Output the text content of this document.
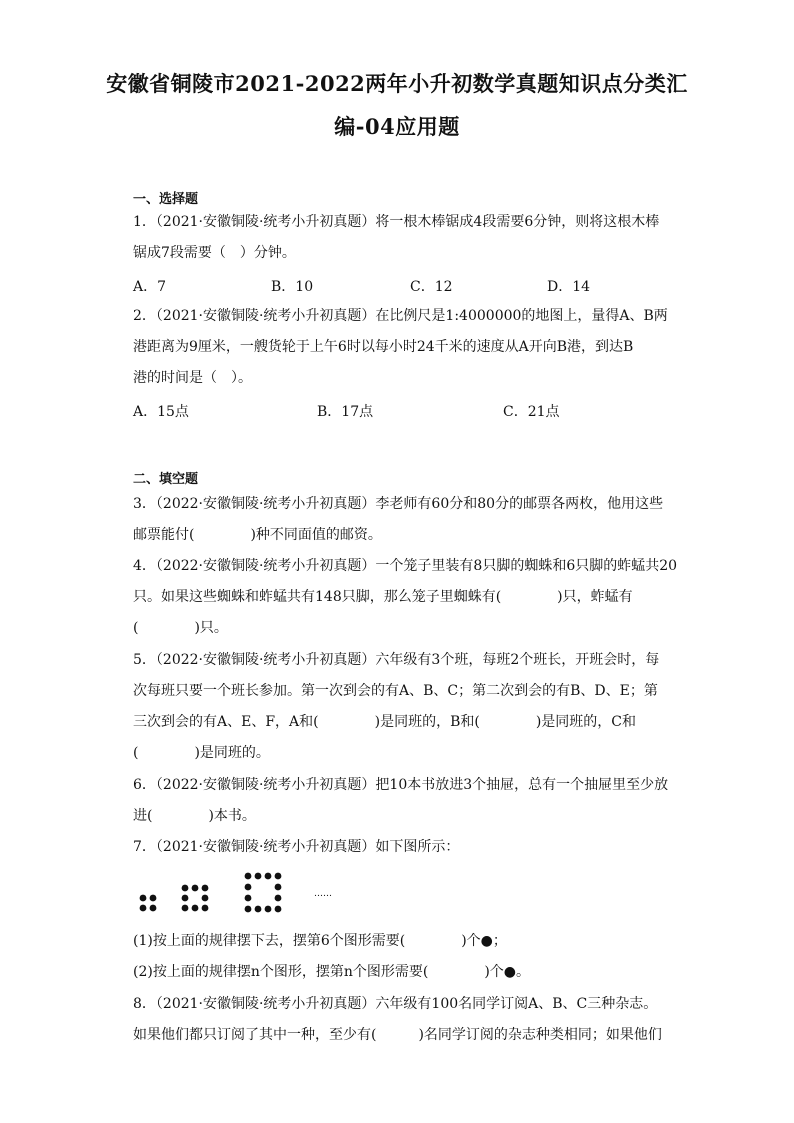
安徽省铜陵市2021-2022两年小升初数学真题知识点分类汇
编-04应用题
一、选择题
1．（2021·安徽铜陵·统考小升初真题）将一根木棒锯成4段需要6分钟，则将这根木棒
锯成7段需要（　）分钟。
A．7	B．10	C．12	D．14
2．（2021·安徽铜陵·统考小升初真题）在比例尺是1:4000000的地图上，量得A、B两
港距离为9厘米，一艘货轮于上午6时以每小时24千米的速度从A开向B港，到达B
港的时间是（　）。
A．15点	B．17点	C．21点
二、填空题
3．（2022·安徽铜陵·统考小升初真题）李老师有60分和80分的邮票各两枚，他用这些
邮票能付(　　　　)种不同面值的邮资。
4．（2022·安徽铜陵·统考小升初真题）一个笼子里装有8只脚的蜘蛛和6只脚的蚱蜢共20
只。如果这些蜘蛛和蚱蜢共有148只脚，那么笼子里蜘蛛有(　　　　)只，蚱蜢有
(　　　　)只。
5．（2022·安徽铜陵·统考小升初真题）六年级有3个班，每班2个班长，开班会时，每
次每班只要一个班长参加。第一次到会的有A、B、C；第二次到会的有B、D、E；第
三次到会的有A、E、F，A和(　　　　)是同班的，B和(　　　　)是同班的，C和
(　　　　)是同班的。
6．（2022·安徽铜陵·统考小升初真题）把10本书放进3个抽屉，总有一个抽屉里至少放
进(　　　　)本书。
7．（2021·安徽铜陵·统考小升初真题）如下图所示：
……
(1)按上面的规律摆下去，摆第6个图形需要(　　　　)个●；
(2)按上面的规律摆n个图形，摆第n个图形需要(　　　　)个●。
8．（2021·安徽铜陵·统考小升初真题）六年级有100名同学订阅A、B、C三种杂志。
如果他们都只订阅了其中一种，至少有(　　　)名同学订阅的杂志种类相同；如果他们
